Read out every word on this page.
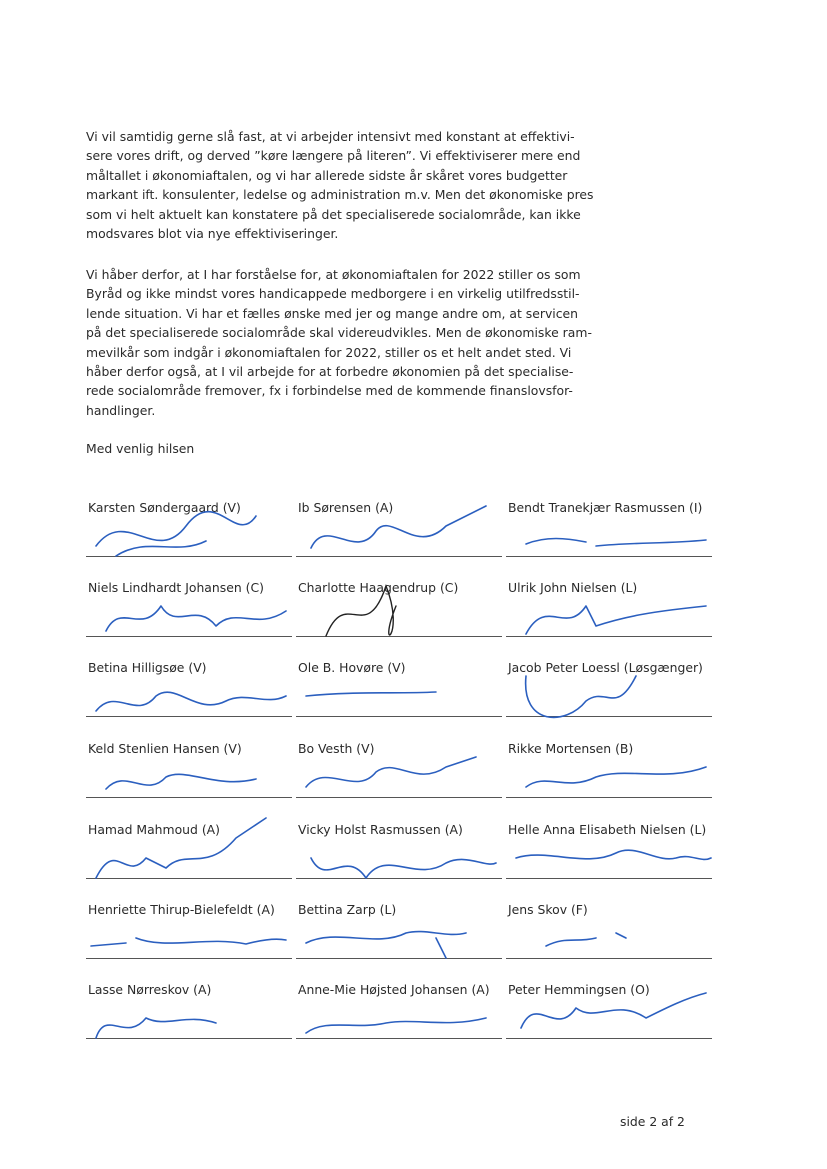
Vi vil samtidig gerne slå fast, at vi arbejder intensivt med konstant at effektivi-
sere vores drift, og derved ”køre længere på literen”. Vi effektiviserer mere end
måltallet i økonomiaftalen, og vi har allerede sidste år skåret vores budgetter
markant ift. konsulenter, ledelse og administration m.v. Men det økonomiske pres
som vi helt aktuelt kan konstatere på det specialiserede socialområde, kan ikke
modsvares blot via nye effektiviseringer.
Vi håber derfor, at I har forståelse for, at økonomiaftalen for 2022 stiller os som
Byråd og ikke mindst vores handicappede medborgere i en virkelig utilfredsstil-
lende situation. Vi har et fælles ønske med jer og mange andre om, at servicen
på det specialiserede socialområde skal videreudvikles. Men de økonomiske ram-
mevilkår som indgår i økonomiaftalen for 2022, stiller os et helt andet sted. Vi
håber derfor også, at I vil arbejde for at forbedre økonomien på det specialise-
rede socialområde fremover, fx i forbindelse med de kommende finanslovsfor-
handlinger.
Med venlig hilsen
Karsten Søndergaard (V)	Ib Sørensen (A)	Bendt Tranekjær Rasmussen (I)
Niels Lindhardt Johansen (C)	Charlotte Haagendrup (C)	Ulrik John Nielsen (L)
Betina Hilligsøe (V)	Ole B. Hovøre (V)	Jacob Peter Loessl (Løsgænger)
Keld Stenlien Hansen (V)	Bo Vesth (V)	Rikke Mortensen (B)
Hamad Mahmoud (A)	Vicky Holst Rasmussen (A)	Helle Anna Elisabeth Nielsen (L)
Henriette Thirup-Bielefeldt (A) Bettina Zarp (L)	Jens Skov (F)
Lasse Nørreskov (A)	Anne-Mie Højsted Johansen (A) Peter Hemmingsen (O)
side 2 af 2
